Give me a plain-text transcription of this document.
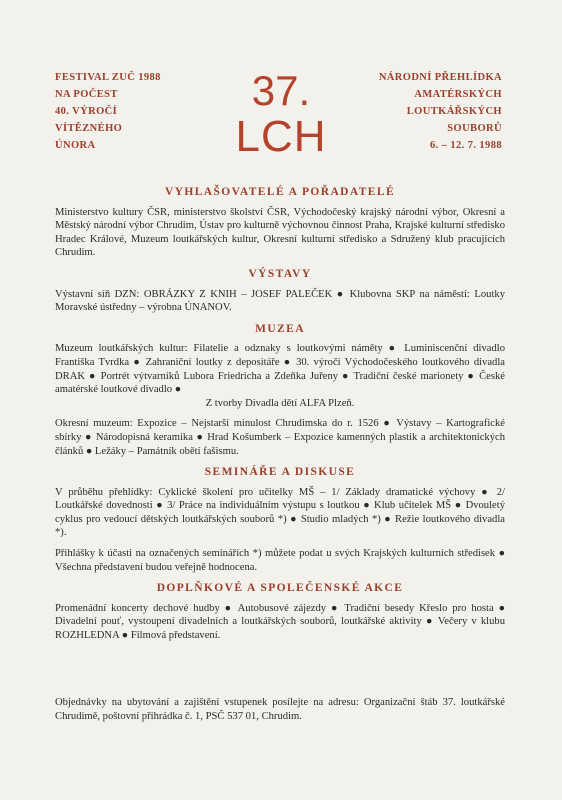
FESTIVAL ZUČ 1988
NA POČEST
40. VÝROČÍ
VÍTĚZNÉHO
ÚNORA
37.
LCH
NÁRODNÍ PŘEHLÍDKA
AMATÉRSKÝCH
LOUTKÁŘSKÝCH
SOUBORŮ
6. – 12. 7. 1988
VYHLAŠOVATELÉ A POŘADATELÉ
Ministerstvo kultury ČSR, ministerstvo školství ČSR, Východočeský krajský národní výbor, Okresní a Městský národní výbor Chrudim, Ústav pro kulturně výchovnou činnost Praha, Krajské kulturní středisko Hradec Králové, Muzeum loutkářských kultur, Okresní kulturní středisko a Sdružený klub pracujících Chrudim.
VÝSTAVY
Výstavní síň DZN: OBRÁZKY Z KNIH – JOSEF PALEČEK ● Klubovna SKP na náměstí: Loutky Moravské ústředny – výrobna ÚNANOV.
MUZEA
Muzeum loutkářských kultur: Filatelie a odznaky s loutkovými náměty ● Luminiscenční divadlo Františka Tvrdka ● Zahraniční loutky z depositáře ● 30. výročí Východočeského loutkového divadla DRAK ● Portrét výtvarníků Lubora Friedricha a Zdeňka Juřeny ● Tradiční české marionety ● České amatérské loutkové divadlo ●
Z tvorby Divadla dětí ALFA Plzeň.
Okresní muzeum: Expozice – Nejstarší minulost Chrudimska do r. 1526 ● Výstavy – Kartografické sbírky ● Národopisná keramika ● Hrad Košumberk – Expozice kamenných plastik a architektonických článků ● Ležáky – Památník obětí fašismu.
SEMINÁŘE A DISKUSE
V průběhu přehlídky: Cyklické školení pro učitelky MŠ – 1/ Základy dramatické výchovy ● 2/ Loutkářské dovednosti ● 3/ Práce na individuálním výstupu s loutkou ● Klub učitelek MŠ ● Dvouletý cyklus pro vedoucí dětských loutkářských souborů *) ● Studio mladých *) ● Režie loutkového divadla *).
Přihlášky k účasti na označených seminářích *) můžete podat u svých Krajských kulturních středisek ● Všechna představení budou veřejně hodnocena.
DOPLŇKOVÉ A SPOLEČENSKÉ AKCE
Promenádní koncerty dechové hudby ● Autobusové zájezdy ● Tradiční besedy Křeslo pro hosta ● Divadelní pouť, vystoupení divadelních a loutkářských souborů, loutkářské aktivity ● Večery v klubu ROZHLEDNA ● Filmová představení.
Objednávky na ubytování a zajištění vstupenek posílejte na adresu: Organizační štáb 37. loutkářské Chrudimě, poštovní přihrádka č. 1, PSČ 537 01, Chrudim.
